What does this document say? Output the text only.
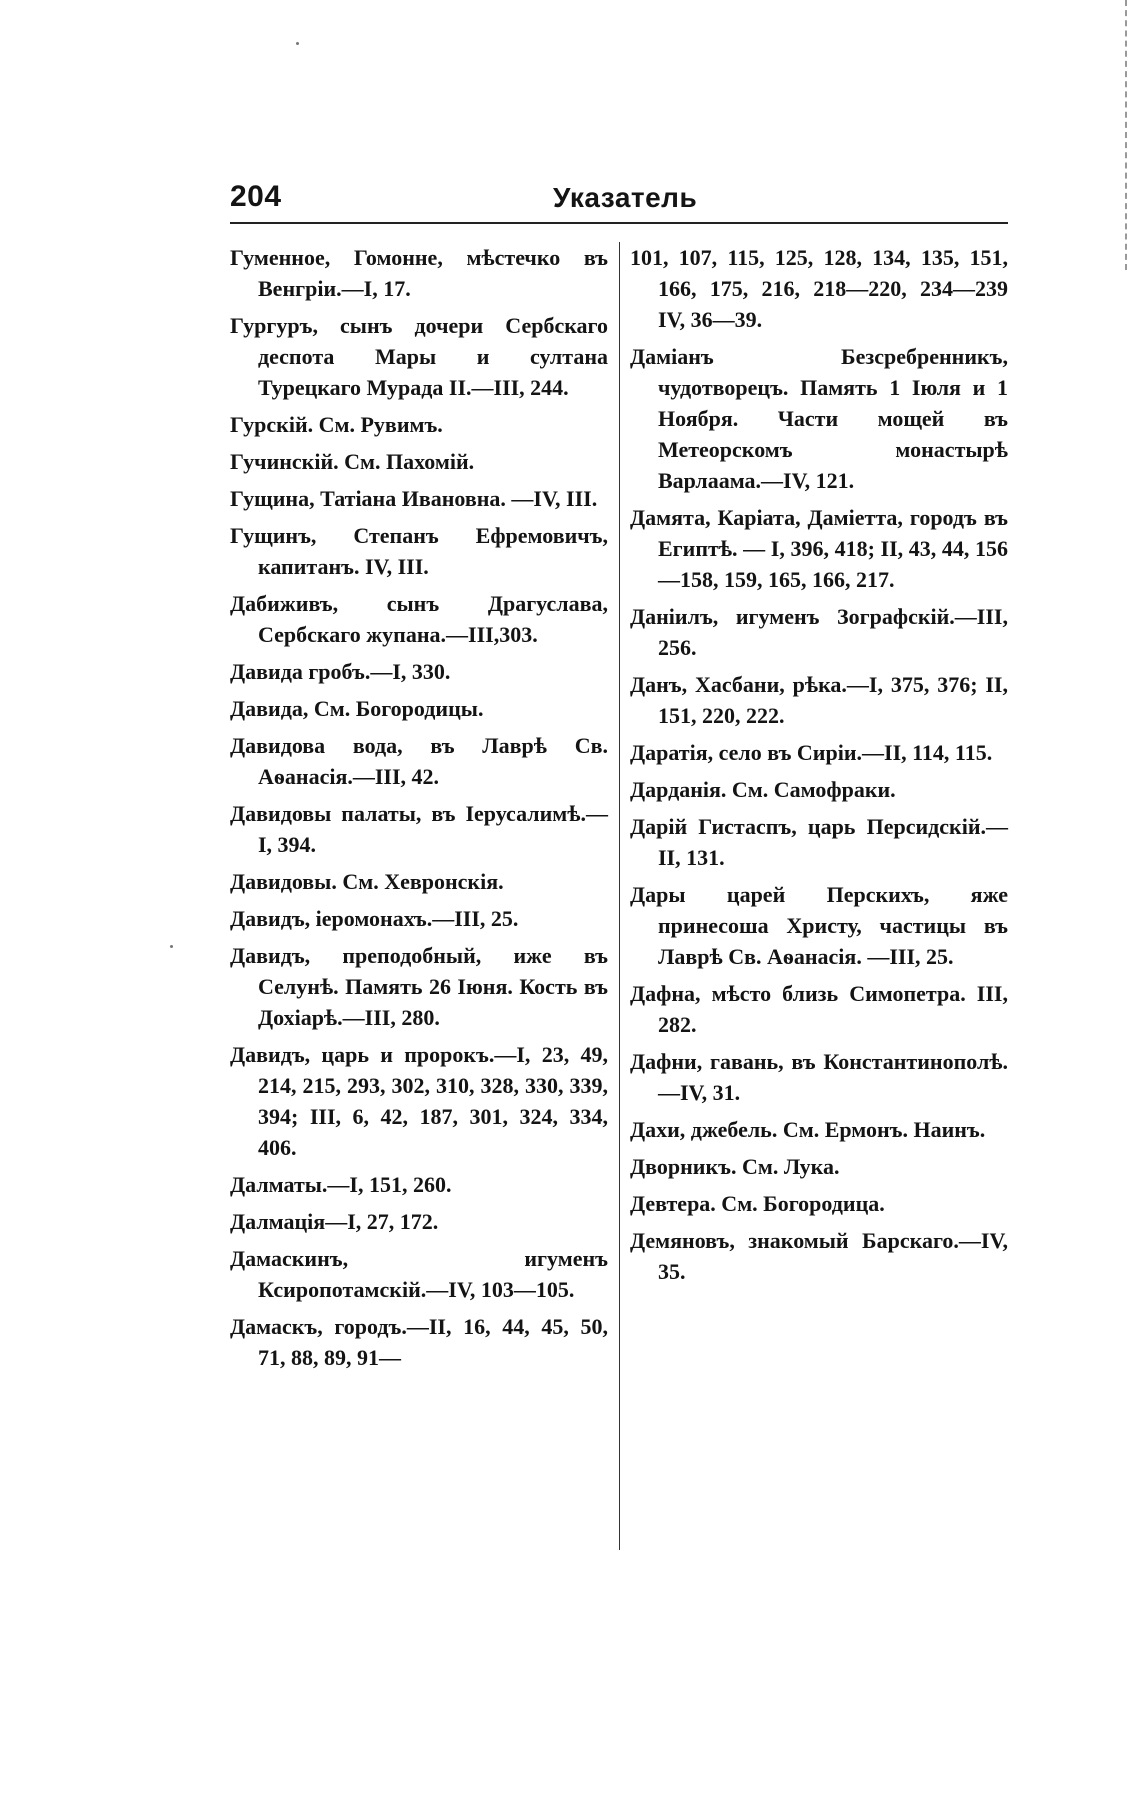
204	Указатель

Гуменное, Гомонне, мѣстечко въ Венгріи.—I, 17.

Гургуръ, сынъ дочери Сербскаго деспота Мары и султана Турецкаго Мурада II.—III, 244.

Гурскій. См. Рувимъ.

Гучинскій. См. Пахомій.

Гущина, Татіана Ивановна. —IV, III.

Гущинъ, Степанъ Ефремовичъ, капитанъ. IV, III.

Дабиживъ, сынъ Драгуслава, Сербскаго жупана.—III,303.

Давида гробъ.—I, 330.

Давида, См. Богородицы.

Давидова вода, въ Лаврѣ Св. Аѳанасія.—III, 42.

Давидовы палаты, въ Іерусалимѣ.—I, 394.

Давидовы. См. Хевронскія.

Давидъ, іеромонахъ.—III, 25.

Давидъ, преподобный, иже въ Селунѣ. Память 26 Іюня. Кость въ Дохіарѣ.—III, 280.

Давидъ, царь и пророкъ.—I, 23, 49, 214, 215, 293, 302, 310, 328, 330, 339, 394; III, 6, 42, 187, 301, 324, 334, 406.

Далматы.—I, 151, 260.

Далмація—I, 27, 172.

Дамаскинъ, игуменъ Ксиропотамскій.—IV, 103—105.

Дамаскъ, городъ.—II, 16, 44, 45, 50, 71, 88, 89, 91—

101, 107, 115, 125, 128, 134, 135, 151, 166, 175, 216, 218—220, 234—239 IV, 36—39.

Даміанъ Безсребренникъ, чудотворецъ. Память 1 Іюля и 1 Ноября. Части мощей въ Метеорскомъ монастырѣ Варлаама.—IV, 121.

Дамята, Каріата, Даміетта, городъ въ Египтѣ. — I, 396, 418; II, 43, 44, 156—158, 159, 165, 166, 217.

Даніилъ, игуменъ Зографскій.—III, 256.

Данъ, Хасбани, рѣка.—I, 375, 376; II, 151, 220, 222.

Даратія, село въ Сиріи.—II, 114, 115.

Дарданія. См. Самофраки.

Дарій Гистаспъ, царь Персидскій.—II, 131.

Дары царей Перскихъ, яже принесоша Христу, частицы въ Лаврѣ Св. Аѳанасія. —III, 25.

Дафна, мѣсто близь Симопетра. III, 282.

Дафни, гавань, въ Константинополѣ.—IV, 31.

Дахи, джебель. См. Ермонъ. Наинъ.

Дворникъ. См. Лука.

Девтера. См. Богородица.

Демяновъ, знакомый Барскаго.—IV, 35.
